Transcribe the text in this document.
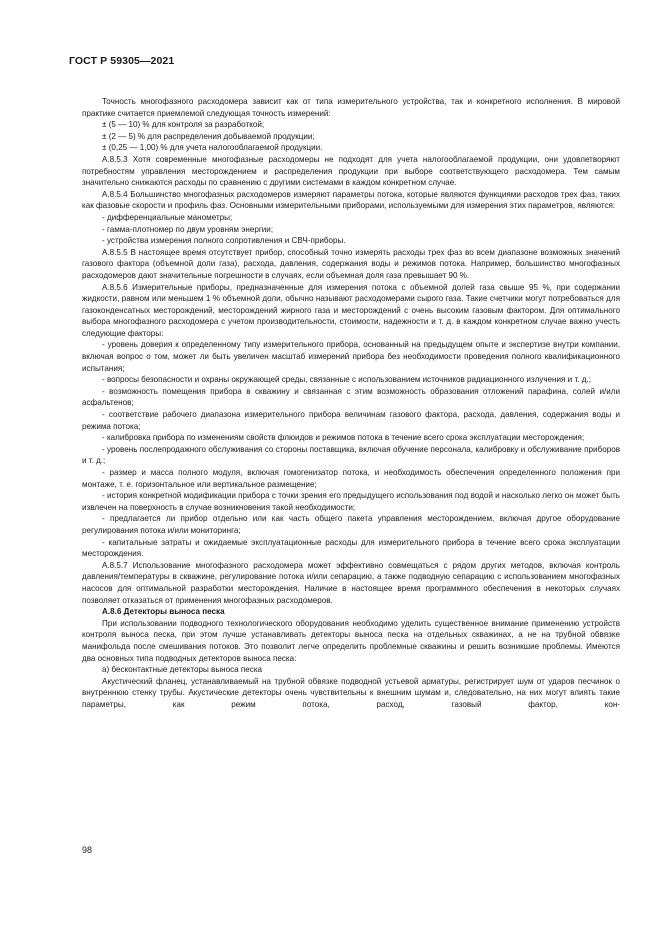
ГОСТ Р 59305—2021

Точность многофазного расходомера зависит как от типа измерительного устройства, так и конкретного исполнения. В мировой практике считается приемлемой следующая точность измерений:

± (5 — 10) % для контроля за разработкой;

± (2 — 5) % для распределения добываемой продукции;

± (0,25 — 1,00) % для учета налогооблагаемой продукции.

А.8.5.3 Хотя современные многофазные расходомеры не подходят для учета налогооблагаемой продукции, они удовлетворяют потребностям управления месторождением и распределения продукции при выборе соответствующего расходомера. Тем самым значительно снижаются расходы по сравнению с другими системами в каждом конкретном случае.

А.8.5.4 Большинство многофазных расходомеров измеряют параметры потока, которые являются функциями расходов трех фаз, таких как фазовые скорости и профиль фаз. Основными измерительными приборами, используемыми для измерения этих параметров, являются:

- дифференциальные манометры;

- гамма-плотномер по двум уровням энергии;

- устройства измерения полного сопротивления и СВЧ-приборы.

А.8.5.5 В настоящее время отсутствует прибор, способный точно измерять расходы трех фаз во всем диапазоне возможных значений газового фактора (объемной доли газа), расхода, давления, содержания воды и режимов потока. Например, большинство многофазных расходомеров дают значительные погрешности в случаях, если объемная доля газа превышает 90 %.

А.8.5.6 Измерительные приборы, предназначенные для измерения потока с объемной долей газа свыше 95 %, при содержании жидкости, равном или меньшем 1 % объемной доли, обычно называют расходомерами сырого газа. Такие счетчики могут потребоваться для газоконденсатных месторождений, месторождений жирного газа и месторождений с очень высоким газовым фактором. Для оптимального выбора многофазного расходомера с учетом производительности, стоимости, надежности и т. д. в каждом конкретном случае важно учесть следующие факторы:

- уровень доверия к определенному типу измерительного прибора, основанный на предыдущем опыте и экспертизе внутри компании, включая вопрос о том, может ли быть увеличен масштаб измерений прибора без необходимости проведения полного квалификационного испытания;

- вопросы безопасности и охраны окружающей среды, связанные с использованием источников радиационного излучения и т. д.;

- возможность помещения прибора в скважину и связанная с этим возможность образования отложений парафина, солей и/или асфальтенов;

- соответствие рабочего диапазона измерительного прибора величинам газового фактора, расхода, давления, содержания воды и режима потока;

- калибровка прибора по изменениям свойств флюидов и режимов потока в течение всего срока эксплуатации месторождения;

- уровень послепродажного обслуживания со стороны поставщика, включая обучение персонала, калибровку и обслуживание приборов и т. д.;

- размер и масса полного модуля, включая гомогенизатор потока, и необходимость обеспечения определенного положения при монтаже, т. е. горизонтальное или вертикальное размещение;

- история конкретной модификации прибора с точки зрения его предыдущего использования под водой и насколько легко он может быть извлечен на поверхность в случае возникновения такой необходимости;

- предлагается ли прибор отдельно или как часть общего пакета управления месторождением, включая другое оборудование регулирования потока и/или мониторинга;

- капитальные затраты и ожидаемые эксплуатационные расходы для измерительного прибора в течение всего срока эксплуатации месторождения.

А.8.5.7 Использование многофазного расходомера может эффективно совмещаться с рядом других методов, включая контроль давления/температуры в скважине, регулирование потока и/или сепарацию, а также подводную сепарацию с использованием многофазных насосов для оптимальной разработки месторождения. Наличие в настоящее время программного обеспечения в некоторых случаях позволяет отказаться от применения многофазных расходомеров.

А.8.6 Детекторы выноса песка

При использовании подводного технологического оборудования необходимо уделить существенное внимание применению устройств контроля выноса песка, при этом лучше устанавливать детекторы выноса песка на отдельных скважинах, а не на трубной обвязке манифольда после смешивания потоков. Это позволит легче определить проблемные скважины и решить возникшие проблемы. Имеются два основных типа подводных детекторов выноса песка:

а) бесконтактные детекторы выноса песка

Акустический фланец, устанавливаемый на трубной обвязке подводной устьевой арматуры, регистрирует шум от ударов песчинок о внутреннюю стенку трубы. Акустические детекторы очень чувствительны к внешним шумам и, следовательно, на них могут влиять такие параметры, как режим потока, расход, газовый фактор, кон-

98
